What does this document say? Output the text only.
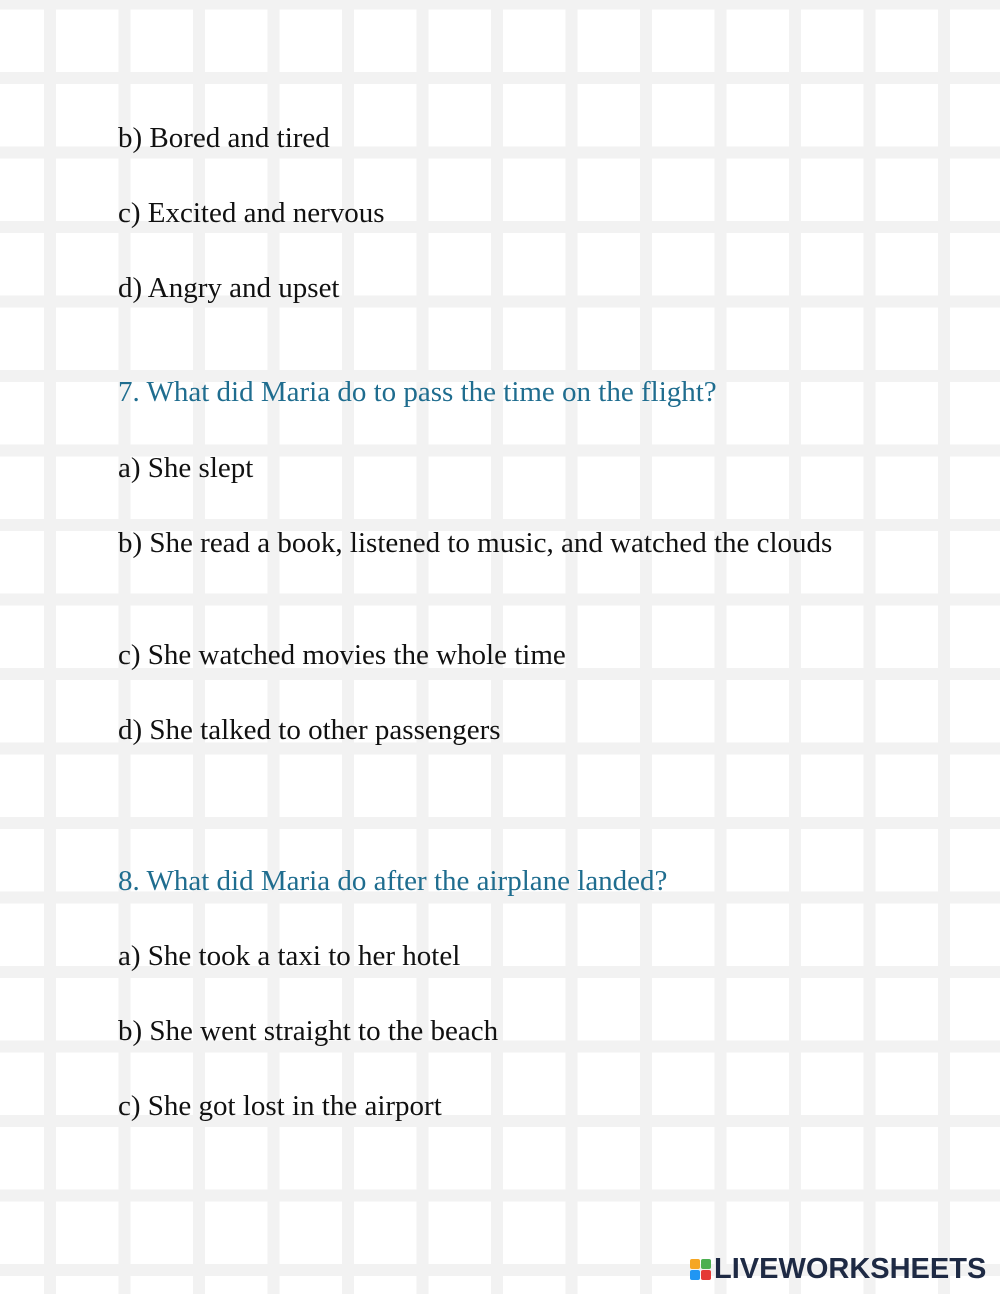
b) Bored and tired
c) Excited and nervous
d) Angry and upset
7. What did Maria do to pass the time on the flight?
a) She slept
b) She read a book, listened to music, and watched the clouds
c) She watched movies the whole time
d) She talked to other passengers
8. What did Maria do after the airplane landed?
a) She took a taxi to her hotel
b) She went straight to the beach
c) She got lost in the airport
LIVEWORKSHEETS
